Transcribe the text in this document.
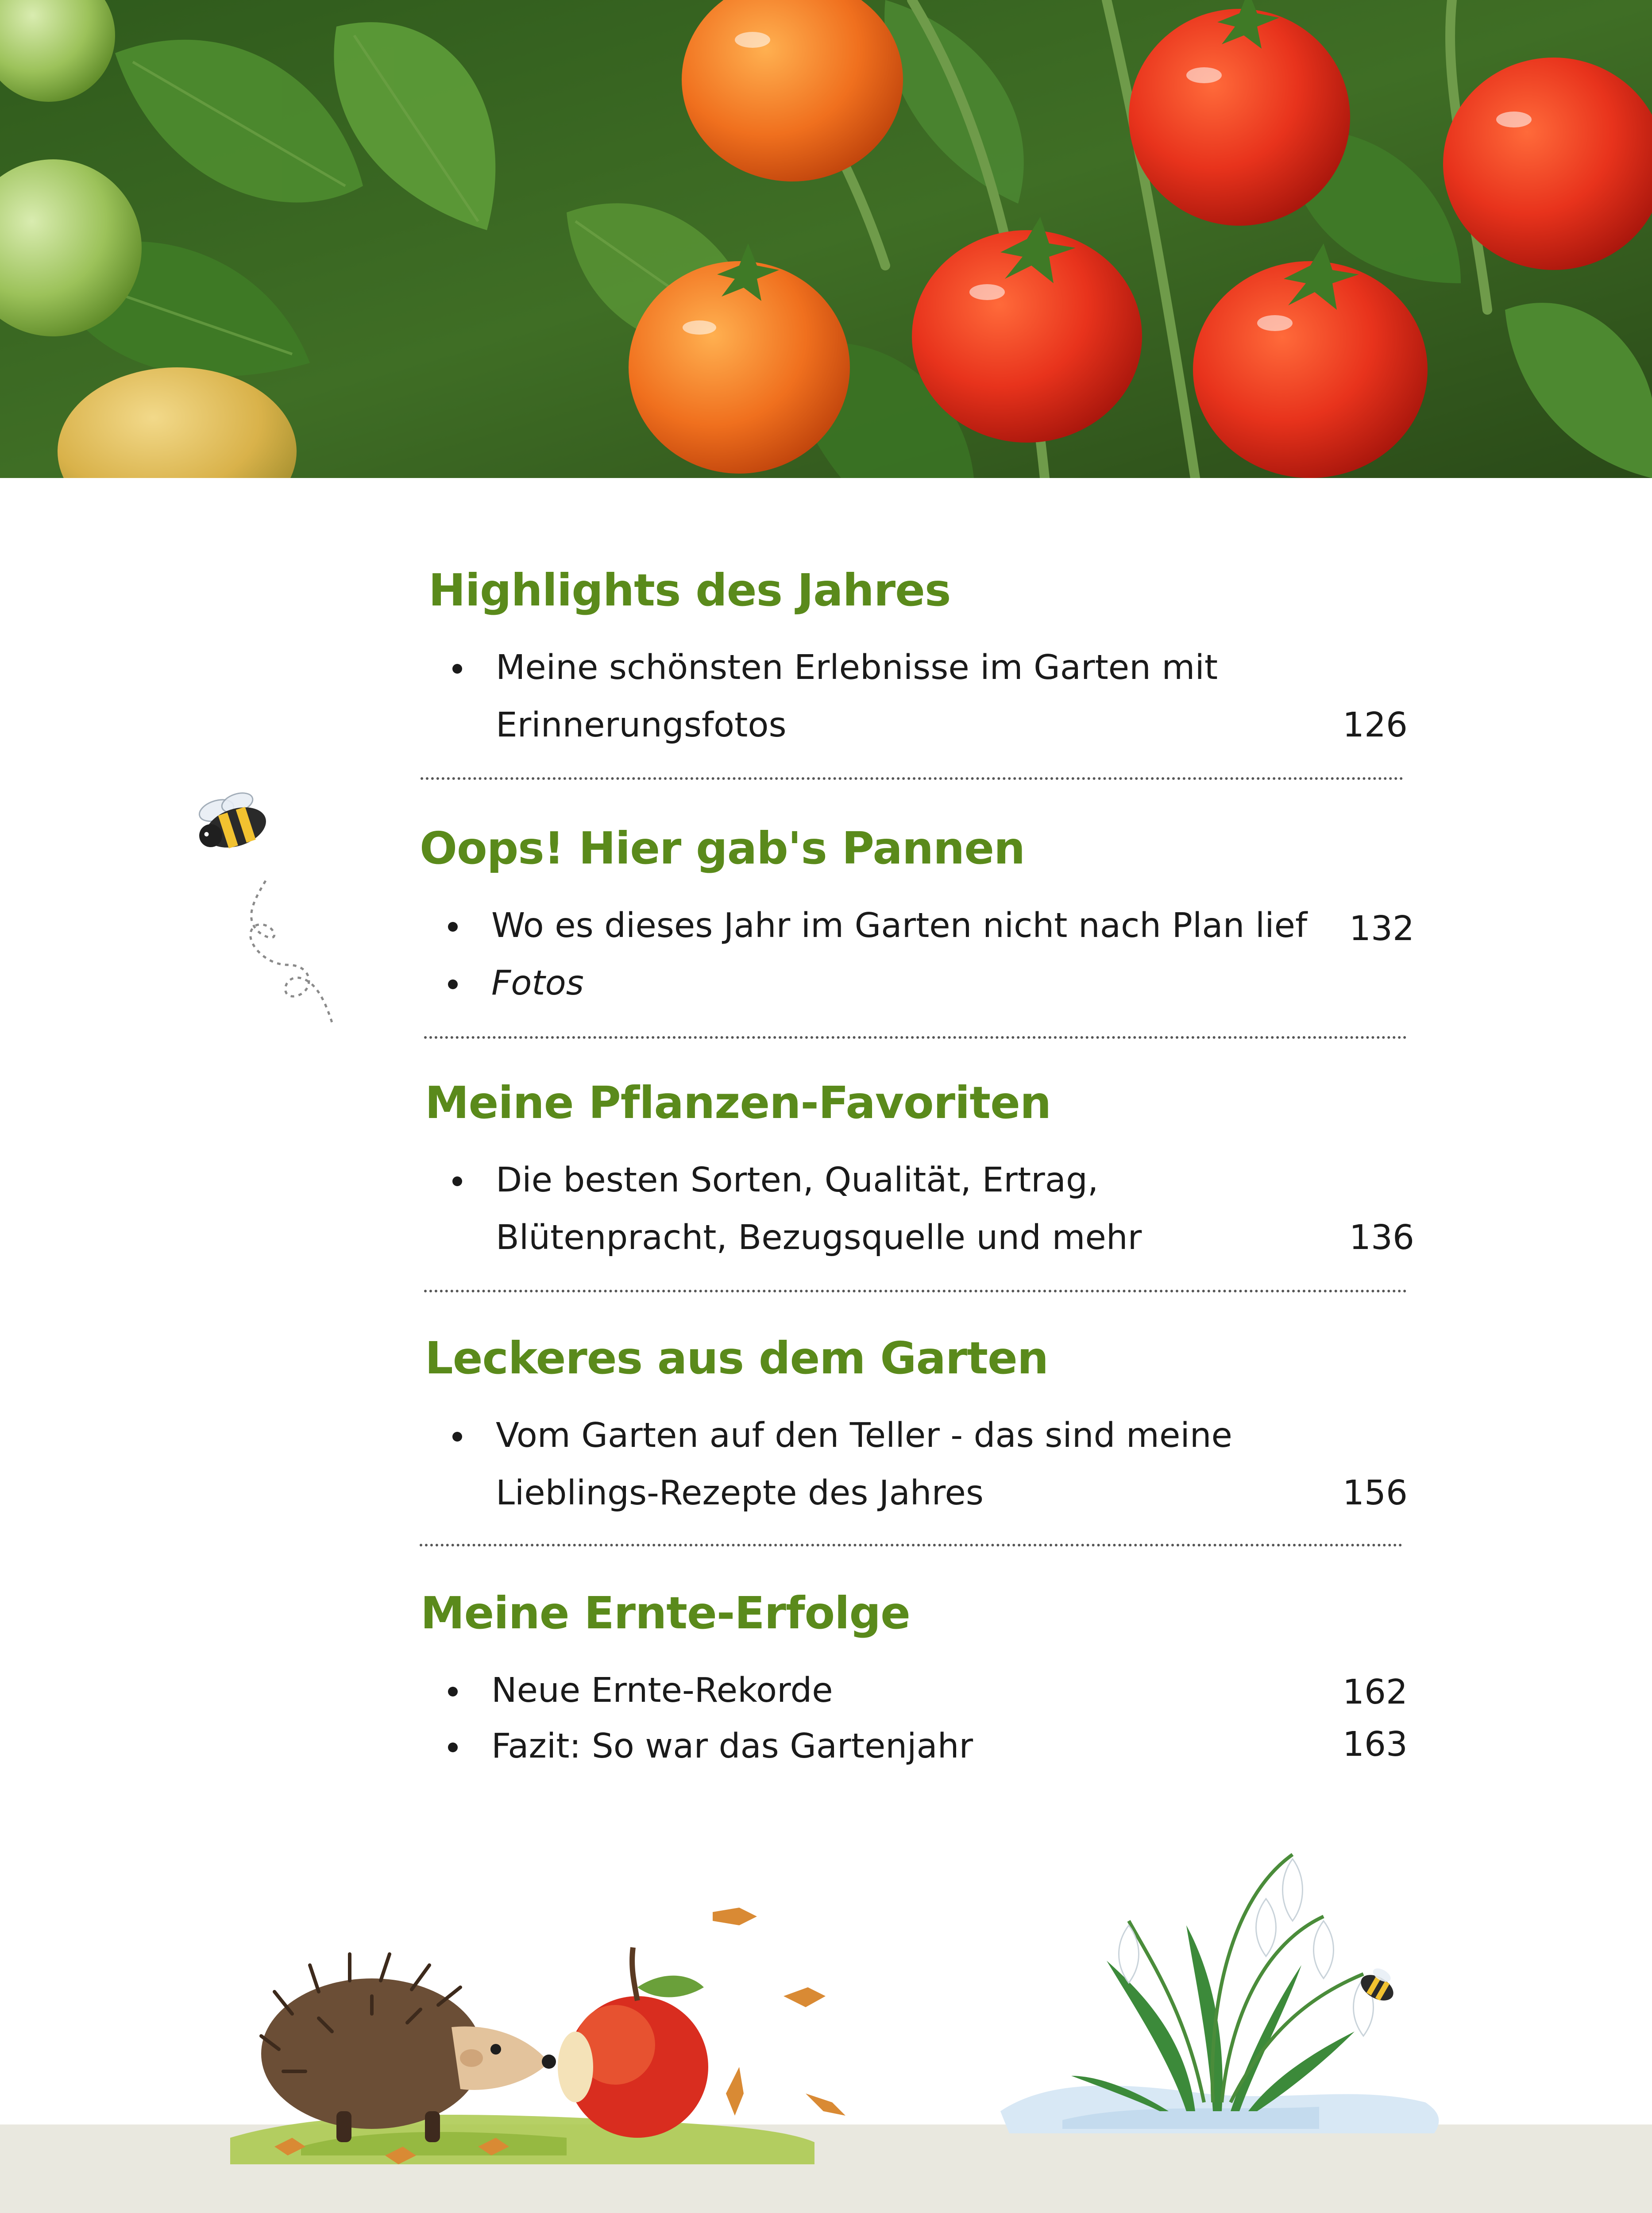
Highlights des Jahres
Meine schönsten Erlebnisse im Garten mit
Erinnerungsfotos	126
Oops! Hier gab's Pannen
Wo es dieses Jahr im Garten nicht nach Plan lief	132
Fotos
Meine Pflanzen-Favoriten
Die besten Sorten, Qualität, Ertrag,
Blütenpracht, Bezugsquelle und mehr	136
Leckeres aus dem Garten
Vom Garten auf den Teller - das sind meine
Lieblings-Rezepte des Jahres	156
Meine Ernte-Erfolge
Neue Ernte-Rekorde	162
Fazit: So war das Gartenjahr	163
